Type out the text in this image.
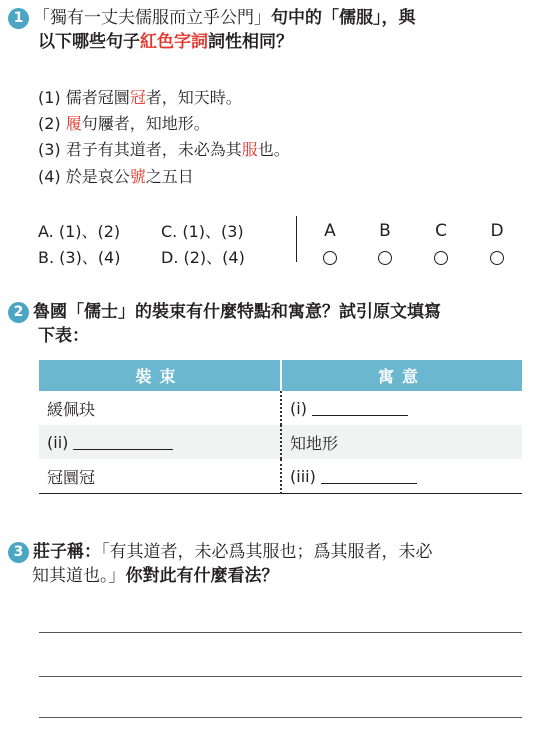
1 「獨有一丈夫儒服而立乎公門」句中的「儒服」，與
以下哪些句子紅色字詞詞性相同？
(1) 儒者冠圜冠者，知天時。
(2) 履句屨者，知地形。
(3) 君子有其道者，未必為其服也。
(4) 於是哀公號之五日
A. (1)、(2)
B. (3)、(4)
C. (1)、(3)
D. (2)、(4)
A	B	C	D
2 魯國「儒士」的裝束有什麼特點和寓意？試引原文填寫
下表：
裝束	寓意
緩佩玦	(i)
(ii)	知地形
冠圜冠	(iii)
3 莊子稱：「有其道者，未必爲其服也；爲其服者，未必
知其道也。」你對此有什麼看法？
